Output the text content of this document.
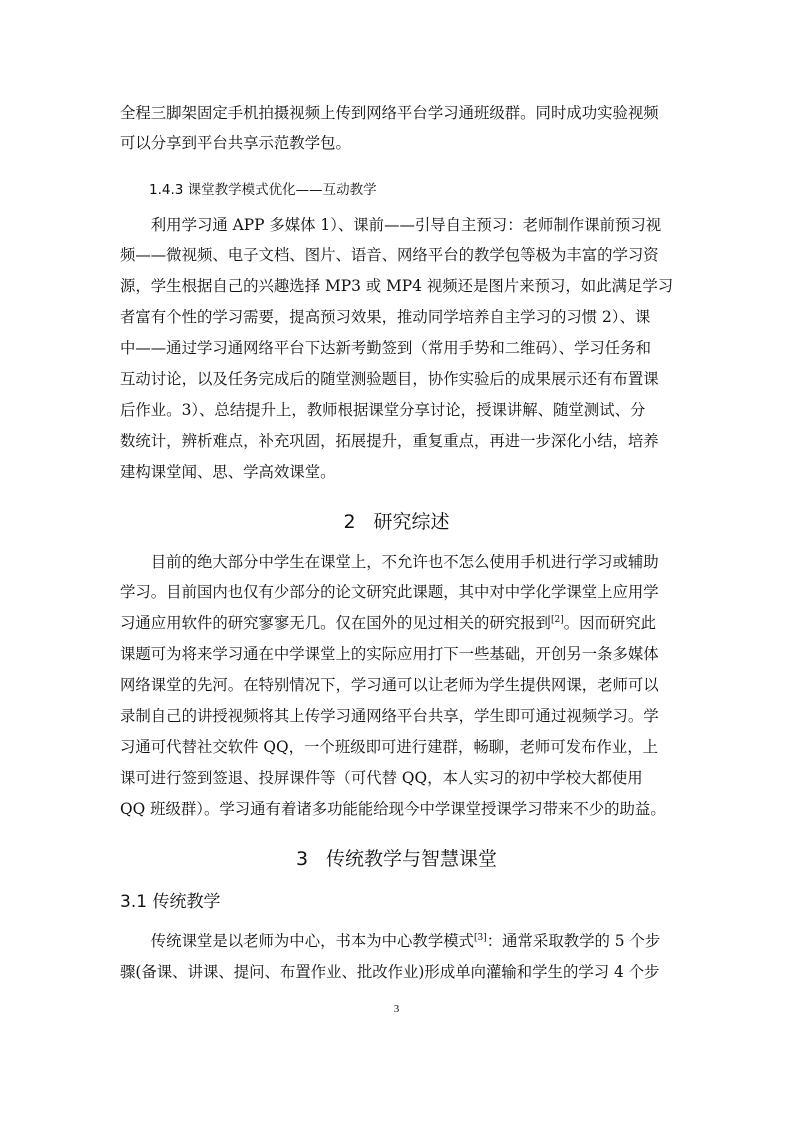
全程三脚架固定手机拍摄视频上传到网络平台学习通班级群。同时成功实验视频
可以分享到平台共享示范教学包。
1.4.3 课堂教学模式优化——互动教学
　　利用学习通 APP 多媒体 1）、课前——引导自主预习：老师制作课前预习视
频——微视频、电子文档、图片、语音、网络平台的教学包等极为丰富的学习资
源，学生根据自己的兴趣选择 MP3 或 MP4 视频还是图片来预习，如此满足学习
者富有个性的学习需要，提高预习效果，推动同学培养自主学习的习惯 2）、课
中——通过学习通网络平台下达新考勤签到（常用手势和二维码）、学习任务和
互动讨论，以及任务完成后的随堂测验题目，协作实验后的成果展示还有布置课
后作业。3）、总结提升上，教师根据课堂分享讨论，授课讲解、随堂测试、分
数统计，辨析难点，补充巩固，拓展提升，重复重点，再进一步深化小结，培养
建构课堂闻、思、学高效课堂。
2 研究综述
　　目前的绝大部分中学生在课堂上，不允许也不怎么使用手机进行学习或辅助
学习。目前国内也仅有少部分的论文研究此课题，其中对中学化学课堂上应用学
习通应用软件的研究寥寥无几。仅在国外的见过相关的研究报到[2]。因而研究此
课题可为将来学习通在中学课堂上的实际应用打下一些基础，开创另一条多媒体
网络课堂的先河。在特别情况下，学习通可以让老师为学生提供网课，老师可以
录制自己的讲授视频将其上传学习通网络平台共享，学生即可通过视频学习。学
习通可代替社交软件 QQ，一个班级即可进行建群，畅聊，老师可发布作业，上
课可进行签到签退、投屏课件等（可代替 QQ，本人实习的初中学校大都使用
QQ 班级群）。学习通有着诸多功能能给现今中学课堂授课学习带来不少的助益。
3 传统教学与智慧课堂
3.1 传统教学
　　传统课堂是以老师为中心，书本为中心教学模式[3]：通常采取教学的 5 个步
骤(备课、讲课、提问、布置作业、批改作业)形成单向灌输和学生的学习 4 个步
3
